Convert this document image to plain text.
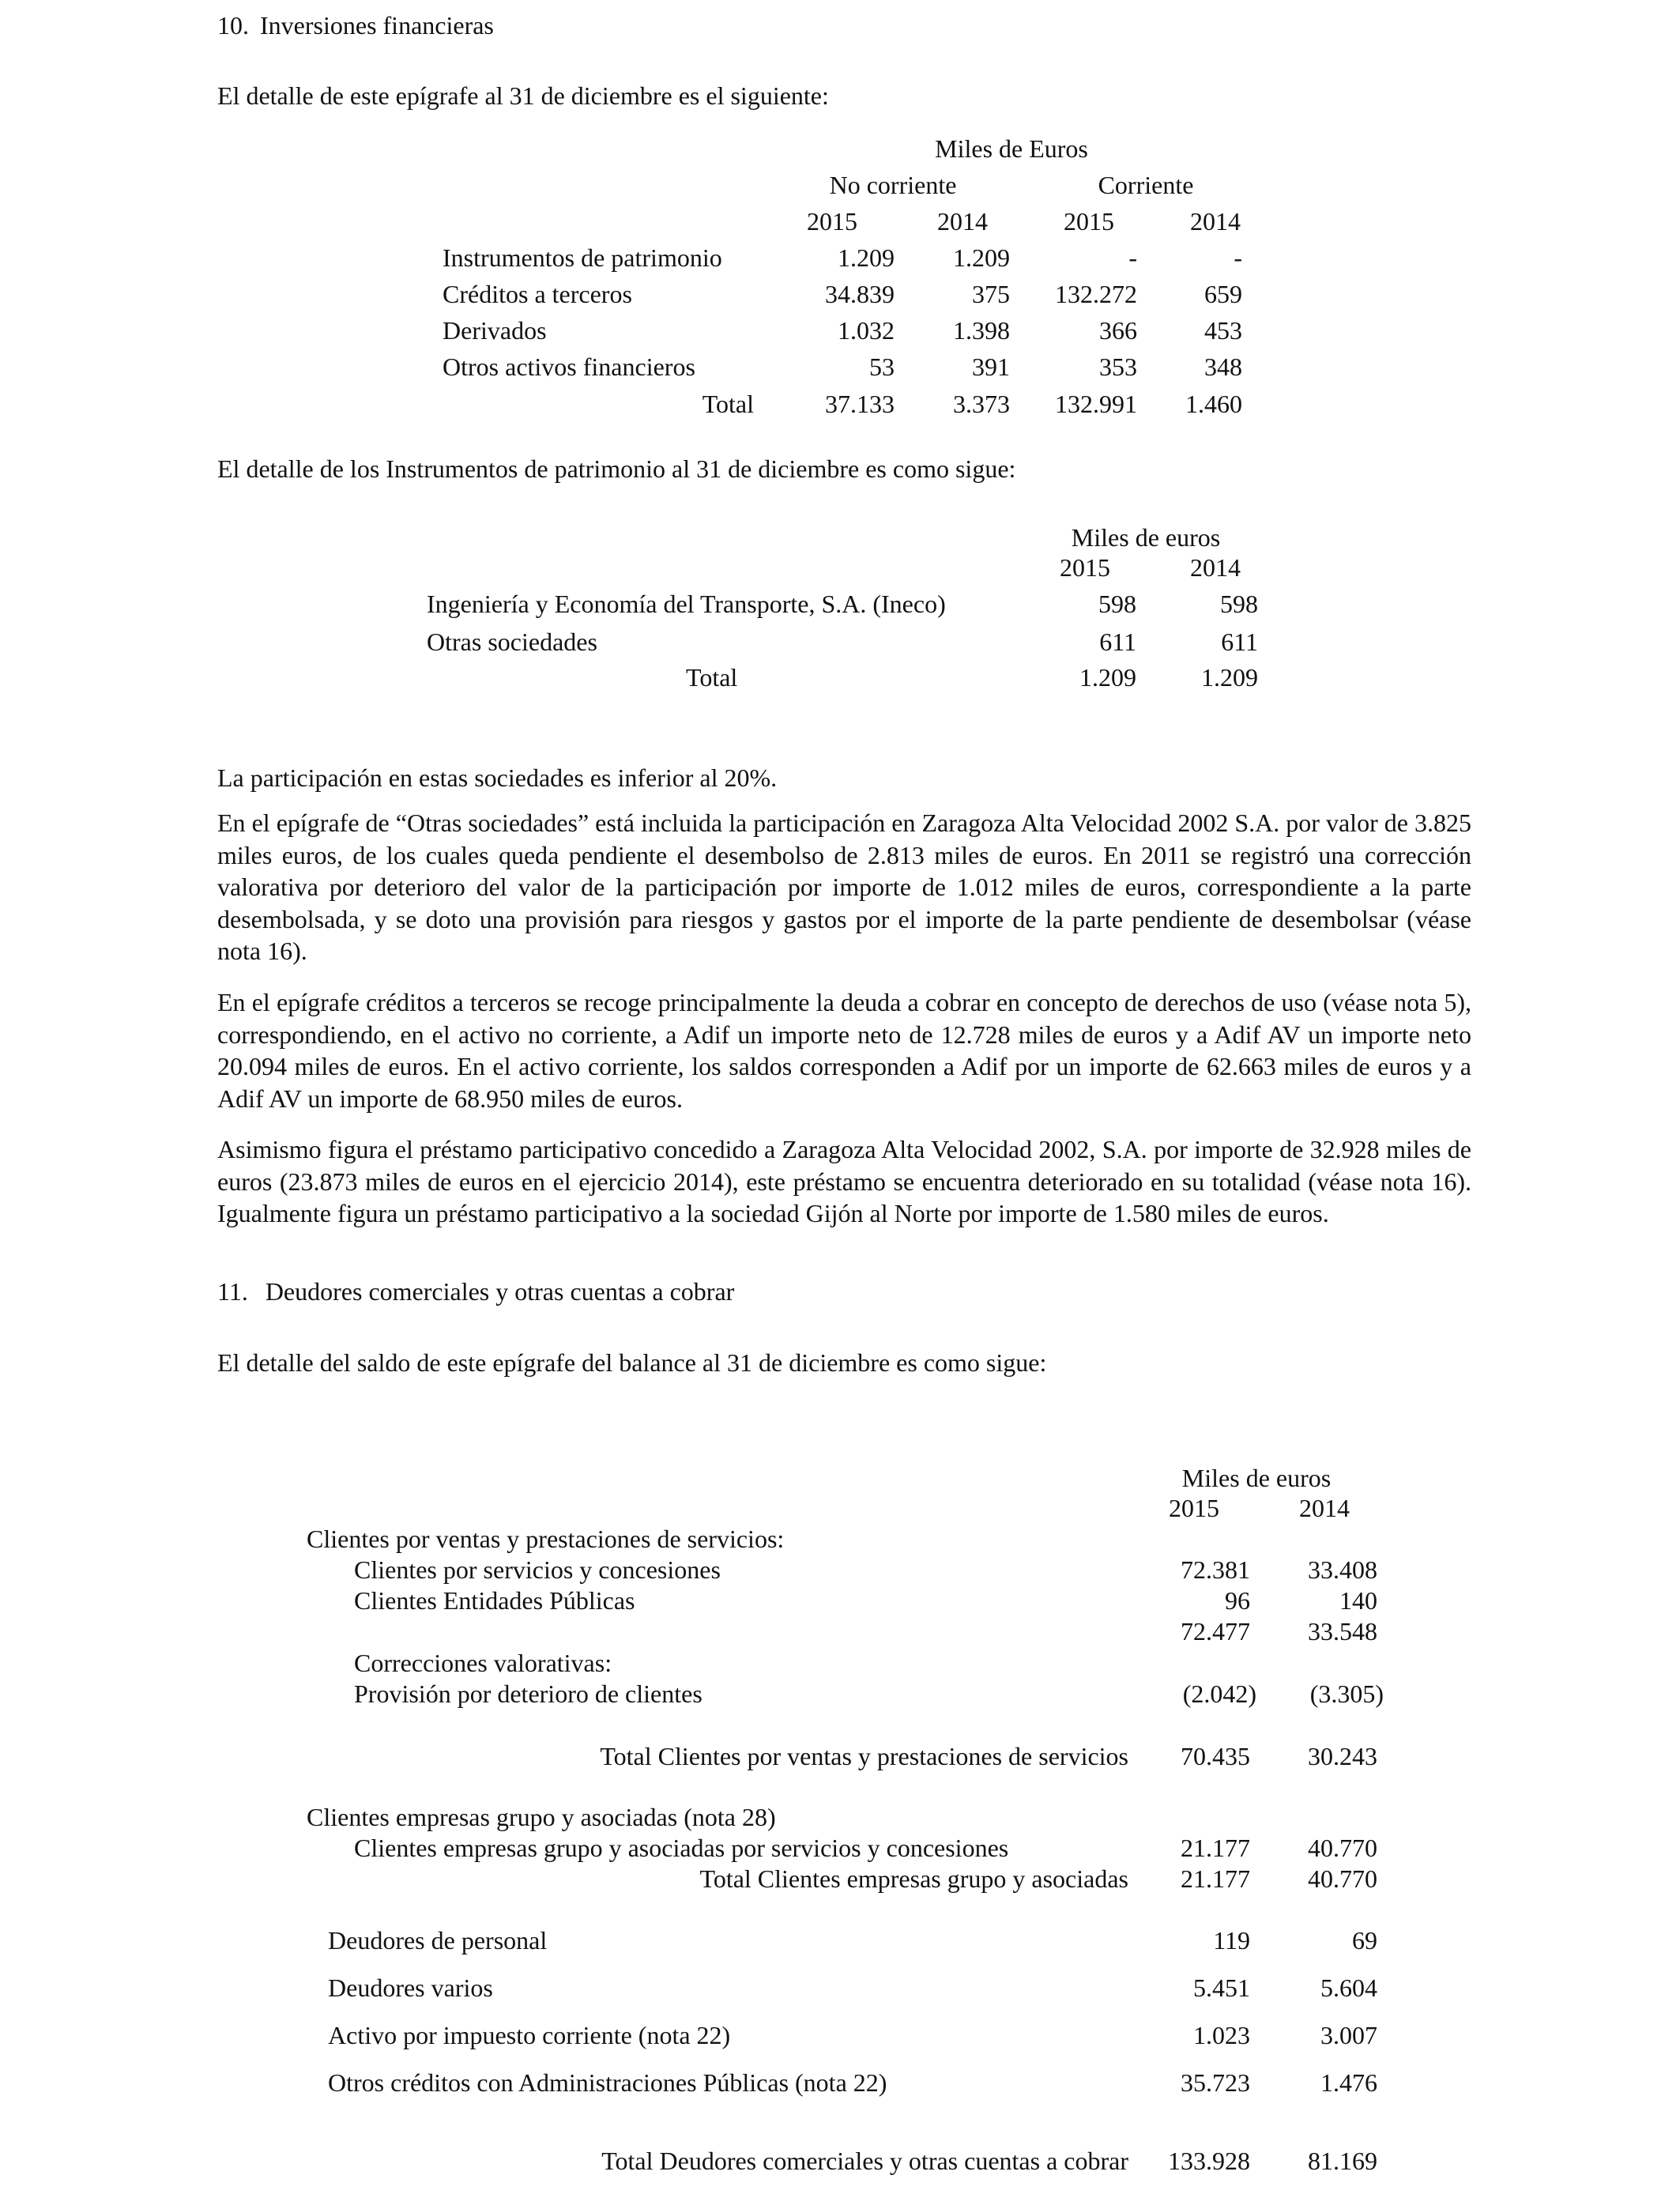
10. Inversiones financieras
El detalle de este epígrafe al 31 de diciembre es el siguiente:
Miles de Euros
No corriente	Corriente
2015	2014	2015	2014
Instrumentos de patrimonio	1.209	1.209	-	-
Créditos a terceros	34.839	375	132.272	659
Derivados	1.032	1.398	366	453
Otros activos financieros	53	391	353	348
Total	37.133	3.373	132.991	1.460
El detalle de los Instrumentos de patrimonio al 31 de diciembre es como sigue:
Miles de euros
2015	2014
Ingeniería y Economía del Transporte, S.A. (Ineco)	598	598
Otras sociedades	611	611
Total	1.209	1.209

La participación en estas sociedades es inferior al 20%.

En el epígrafe de “Otras sociedades” está incluida la participación en Zaragoza Alta Velocidad 2002 S.A. por valor de 3.825 miles euros, de los cuales queda pendiente el desembolso de 2.813 miles de euros. En 2011 se registró una corrección valorativa por deterioro del valor de la participación por importe de 1.012 miles de euros, correspondiente a la parte desembolsada, y se doto una provisión para riesgos y gastos por el importe de la parte pendiente de desembolsar (véase nota 16).

En el epígrafe créditos a terceros se recoge principalmente la deuda a cobrar en concepto de derechos de uso (véase nota 5), correspondiendo, en el activo no corriente, a Adif un importe neto de 12.728 miles de euros y a Adif AV un importe neto 20.094 miles de euros. En el activo corriente, los saldos corresponden a Adif por un importe de 62.663 miles de euros y a Adif AV un importe de 68.950 miles de euros.

Asimismo figura el préstamo participativo concedido a Zaragoza Alta Velocidad 2002, S.A. por importe de 32.928 miles de euros (23.873 miles de euros en el ejercicio 2014), este préstamo se encuentra deteriorado en su totalidad (véase nota 16). Igualmente figura un préstamo participativo a la sociedad Gijón al Norte por importe de 1.580 miles de euros.

11. Deudores comerciales y otras cuentas a cobrar
El detalle del saldo de este epígrafe del balance al 31 de diciembre es como sigue:
Miles de euros
2015	2014
Clientes por ventas y prestaciones de servicios:
Clientes por servicios y concesiones	72.381	33.408
Clientes Entidades Públicas	96	140
72.477	33.548
Correcciones valorativas:
Provisión por deterioro de clientes	(2.042)	(3.305)
Total Clientes por ventas y prestaciones de servicios	70.435	30.243
Clientes empresas grupo y asociadas (nota 28)
Clientes empresas grupo y asociadas por servicios y concesiones	21.177	40.770
Total Clientes empresas grupo y asociadas	21.177	40.770
Deudores de personal	119	69
Deudores varios	5.451	5.604
Activo por impuesto corriente (nota 22)	1.023	3.007
Otros créditos con Administraciones Públicas (nota 22)	35.723	1.476
Total Deudores comerciales y otras cuentas a cobrar	133.928	81.169
